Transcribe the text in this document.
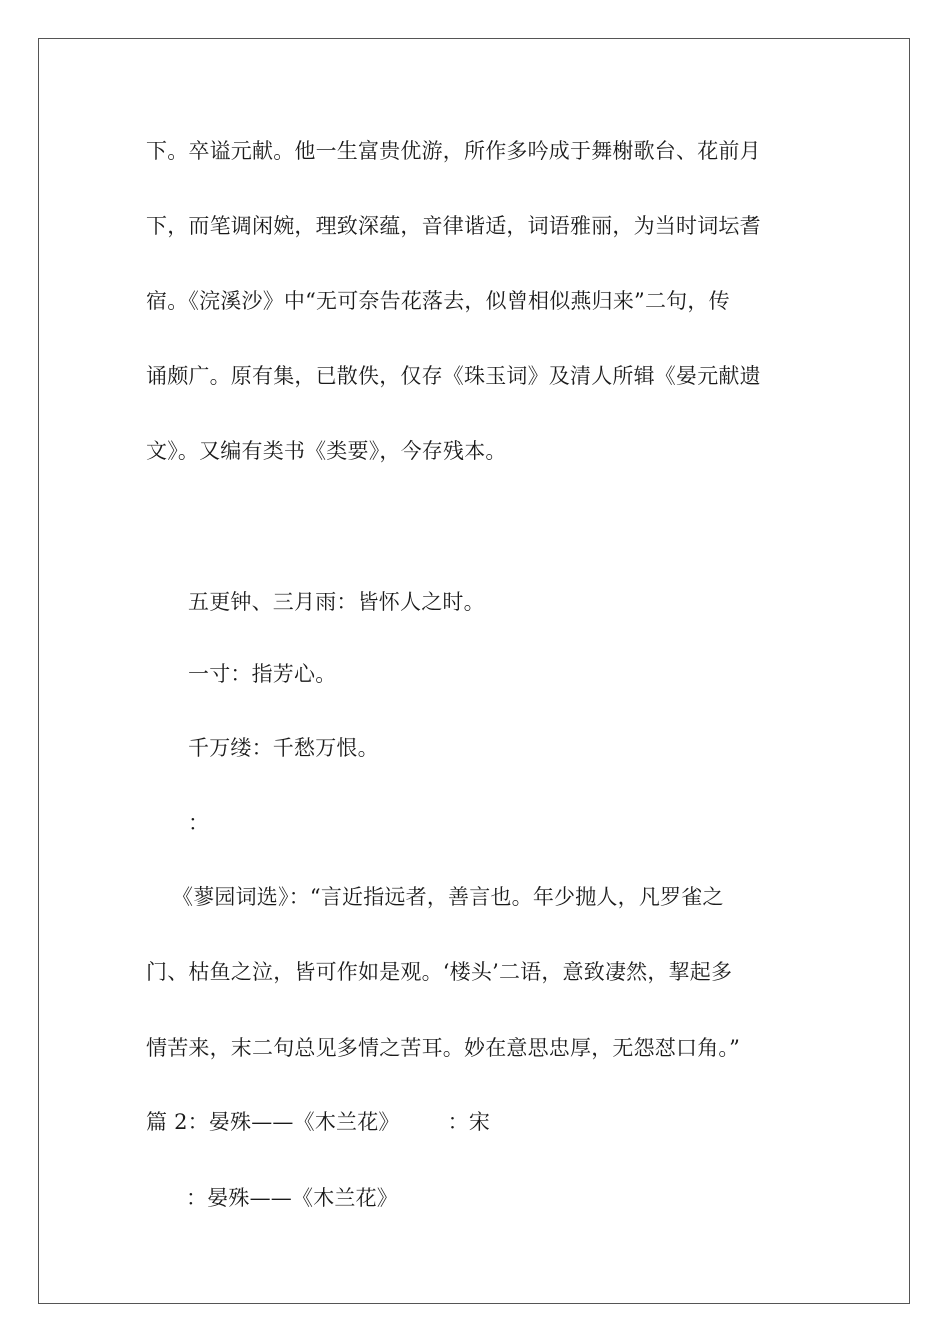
下。卒谥元献。他一生富贵优游，所作多吟成于舞榭歌台、花前月
下，而笔调闲婉，理致深蕴，音律谐适，词语雅丽，为当时词坛耆
宿。《浣溪沙》中“无可奈告花落去，似曾相似燕归来”二句，传
诵颇广。原有集，已散佚，仅存《珠玉词》及清人所辑《晏元献遗
文》。又编有类书《类要》，今存残本。
五更钟、三月雨：皆怀人之时。
一寸：指芳心。
千万缕：千愁万恨。
：
《蓼园词选》：“言近指远者，善言也。年少抛人，凡罗雀之
门、枯鱼之泣，皆可作如是观。‘楼头’二语，意致凄然，挈起多
情苦来，末二句总见多情之苦耳。妙在意思忠厚，无怨怼口角。”
篇 2：晏殊——《木兰花》 ：宋
：晏殊——《木兰花》
